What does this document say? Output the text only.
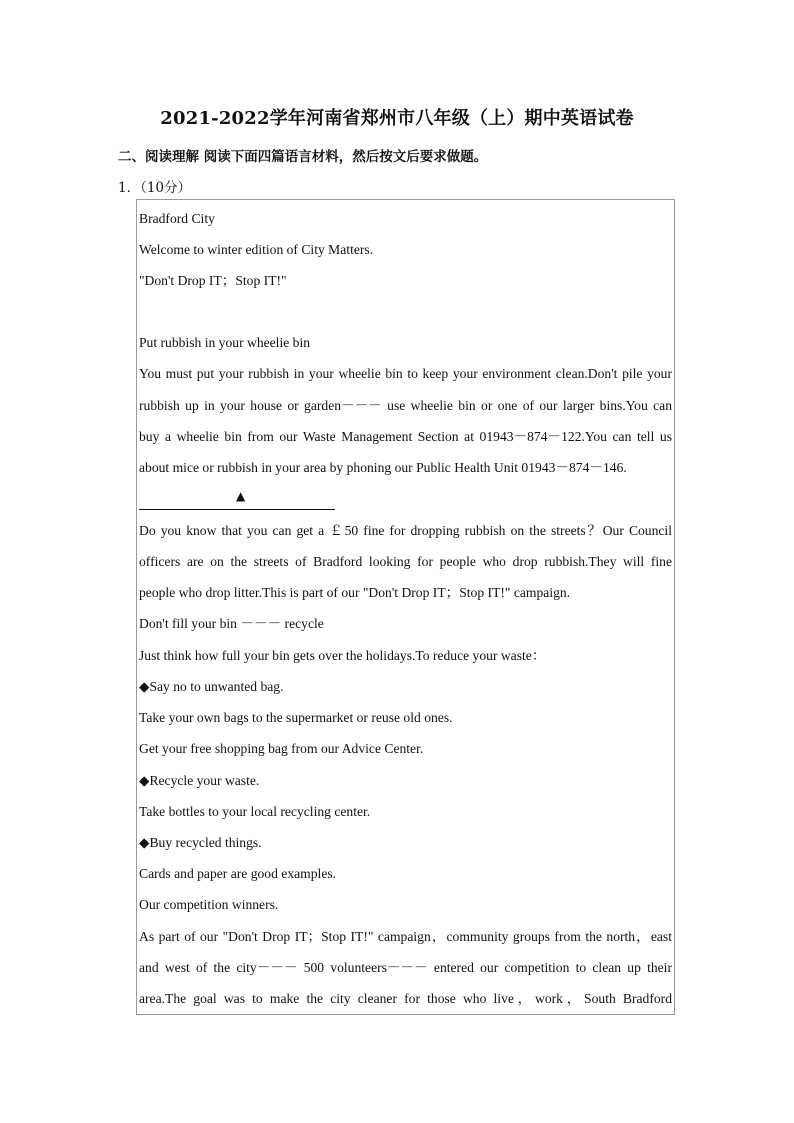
2021-2022学年河南省郑州市八年级（上）期中英语试卷
二、阅读理解 阅读下面四篇语言材料，然后按文后要求做题。
1．（10分）
Bradford City
Welcome to winter edition of City Matters.
"Don't Drop IT；Stop IT!"
Put rubbish in your wheelie bin
You must put your rubbish in your wheelie bin to keep your environment clean.Don't pile your
rubbish up in your house or garden－－－ use wheelie bin or one of our larger bins.You can
buy a wheelie bin from our Waste Management Section at 01943－874－122.You can tell us
about mice or rubbish in your area by phoning our Public Health Unit 01943－874－146.
▲
Do you know that you can get a ￡50 fine for dropping rubbish on the streets？Our Council
officers are on the streets of Bradford looking for people who drop rubbish.They will fine
people who drop litter.This is part of our "Don't Drop IT；Stop IT!" campaign.
Don't fill your bin －－－ recycle
Just think how full your bin gets over the holidays.To reduce your waste：
◆Say no to unwanted bag.
Take your own bags to the supermarket or reuse old ones.
Get your free shopping bag from our Advice Center.
◆Recycle your waste.
Take bottles to your local recycling center.
◆Buy recycled things.
Cards and paper are good examples.
Our competition winners.
As part of our "Don't Drop IT；Stop IT!" campaign，community groups from the north，east
and west of the city－－－ 500 volunteers－－－ entered our competition to clean up their
area.The goal was to make the city cleaner for those who live，work，South Bradford
